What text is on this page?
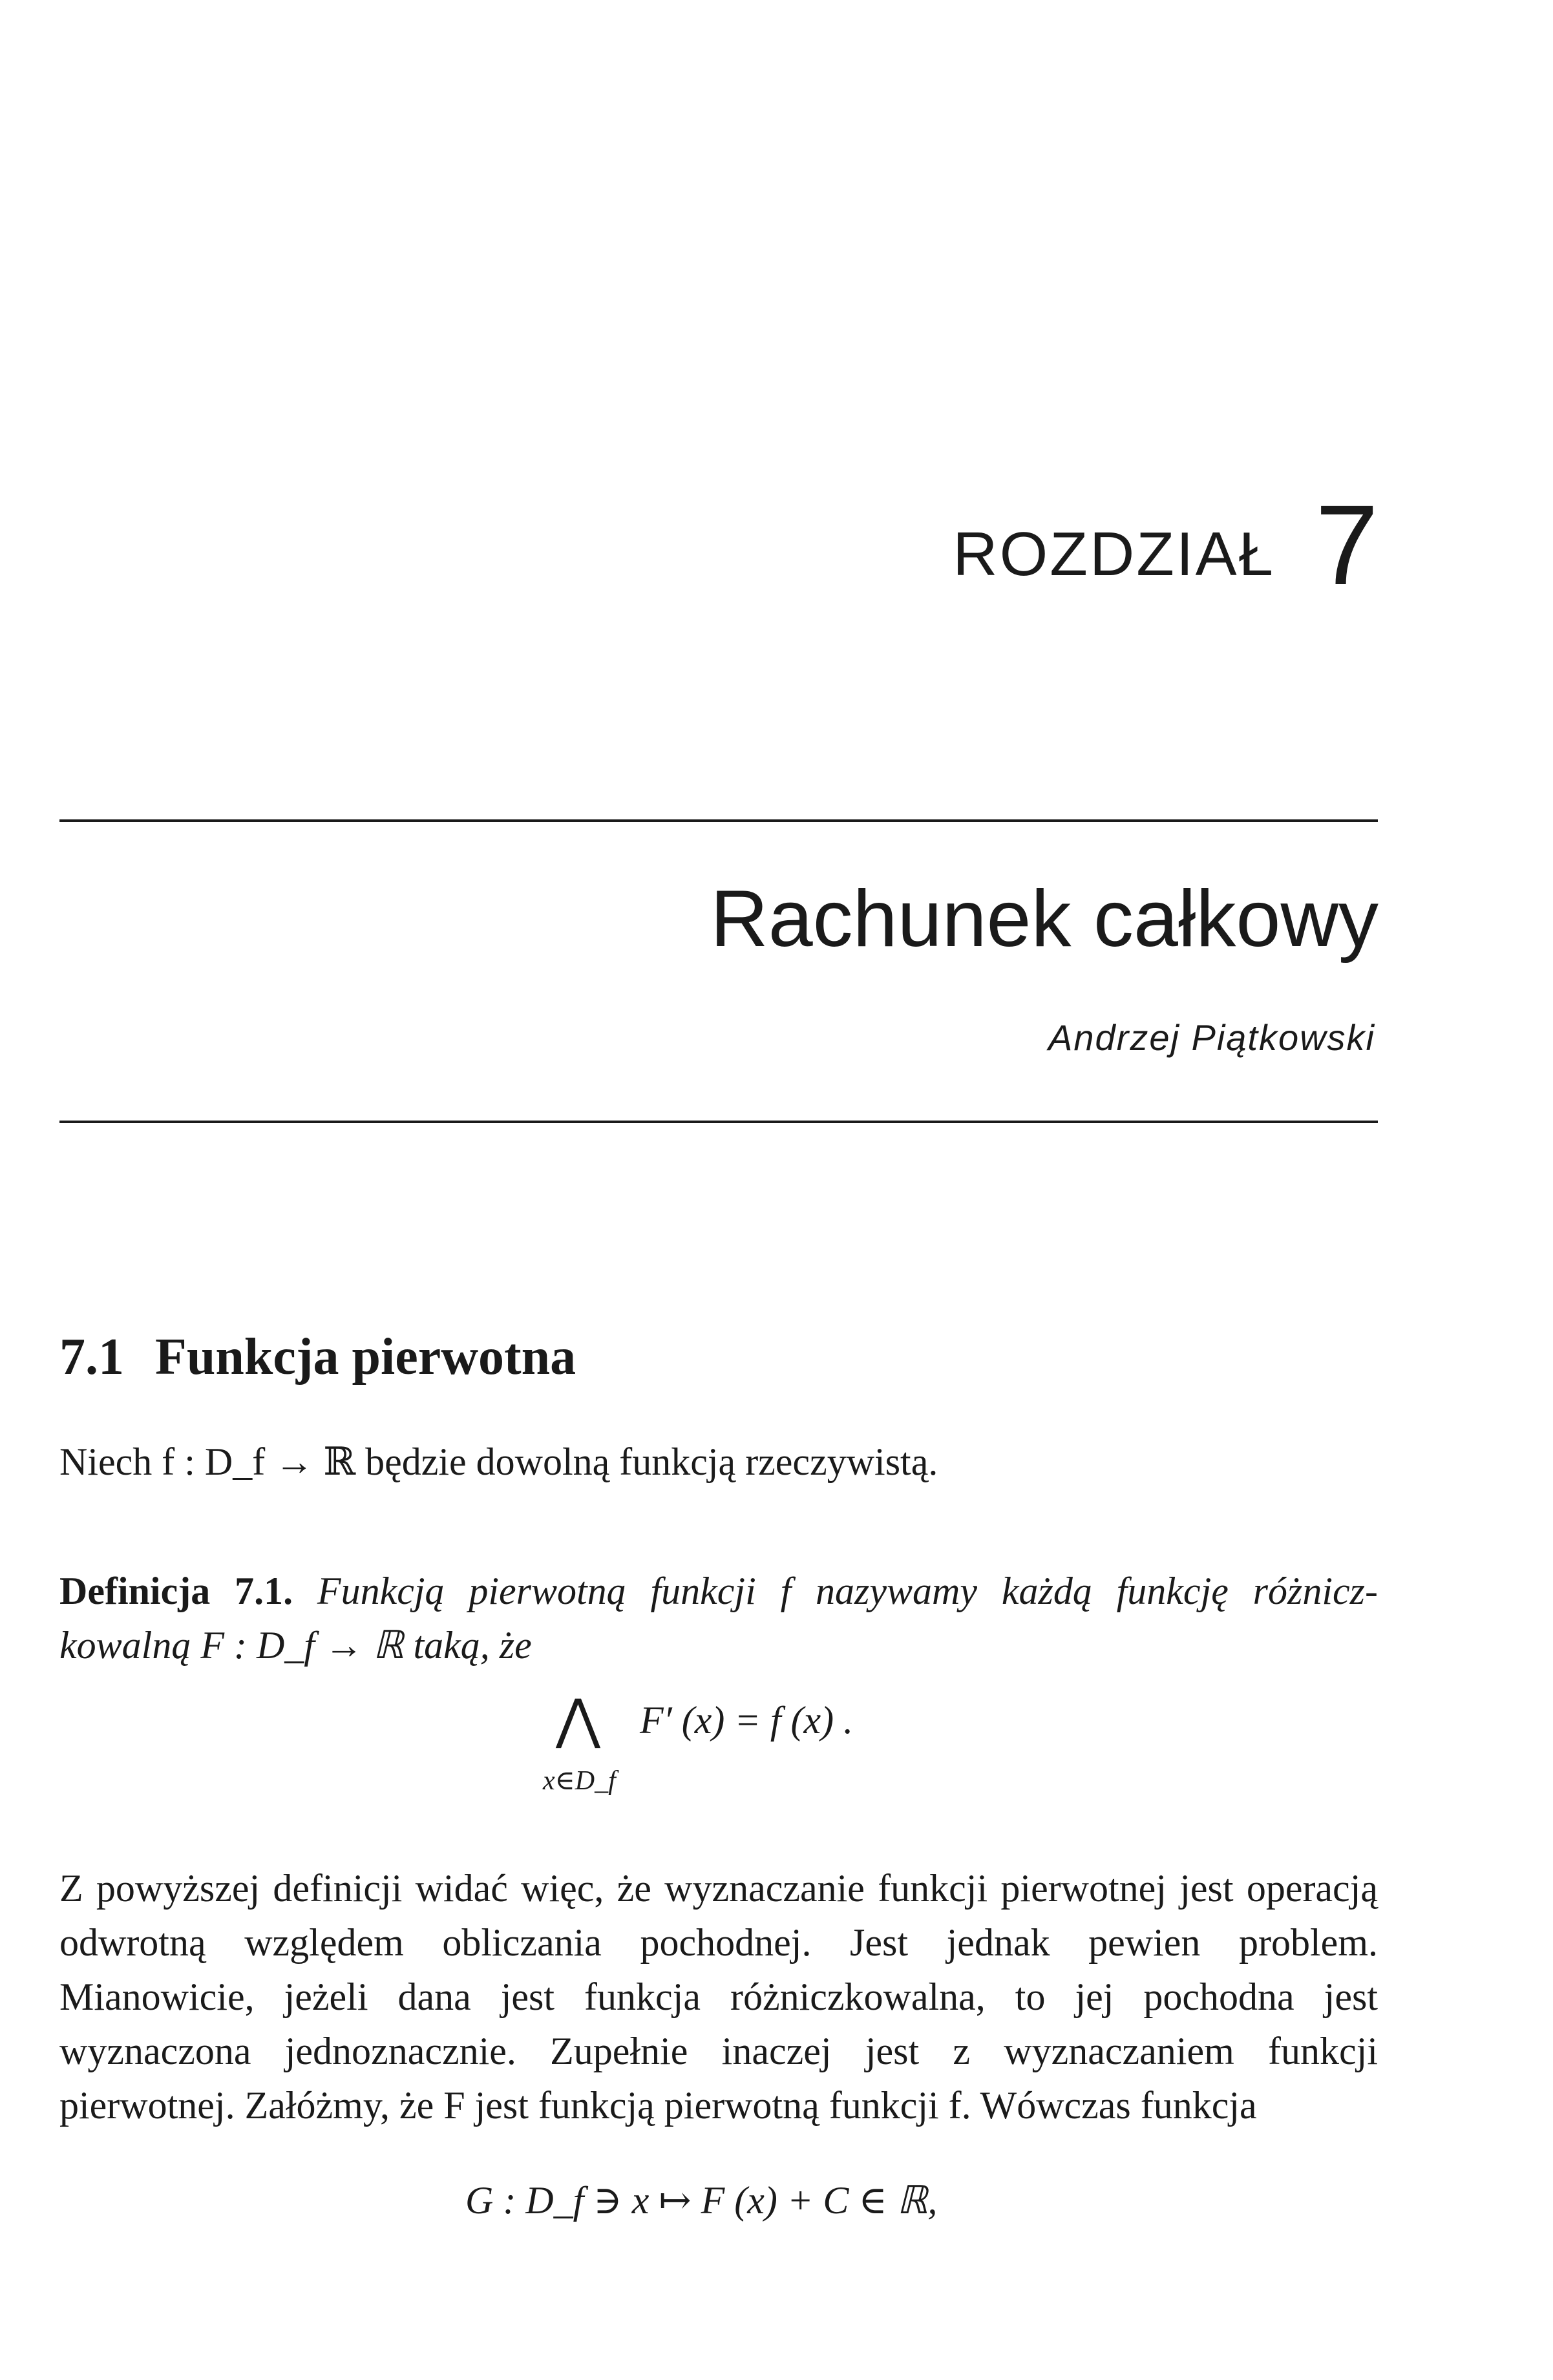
ROZDZIAŁ 7
Rachunek całkowy
Andrzej Piątkowski
7.1 Funkcja pierwotna
Niech f : D_f → ℝ będzie dowolną funkcją rzeczywistą.
Definicja 7.1. Funkcją pierwotną funkcji f nazywamy każdą funkcję różnicz-
kowalną F : D_f → ℝ taką, że
⋀
x∈D_f
F′ (x) = f (x) .
Z powyższej definicji widać więc, że wyznaczanie funkcji pierwotnej jest operacją odwrotną względem obliczania pochodnej. Jest jednak pewien problem. Mianowicie, jeżeli dana jest funkcja różniczkowalna, to jej pochodna jest wyznaczona jednoznacznie. Zupełnie inaczej jest z wyznaczaniem funkcji pierwotnej. Załóżmy, że F jest funkcją pierwotną funkcji f. Wówczas funkcja
G : D_f ∋ x ↦ F (x) + C ∈ ℝ,
